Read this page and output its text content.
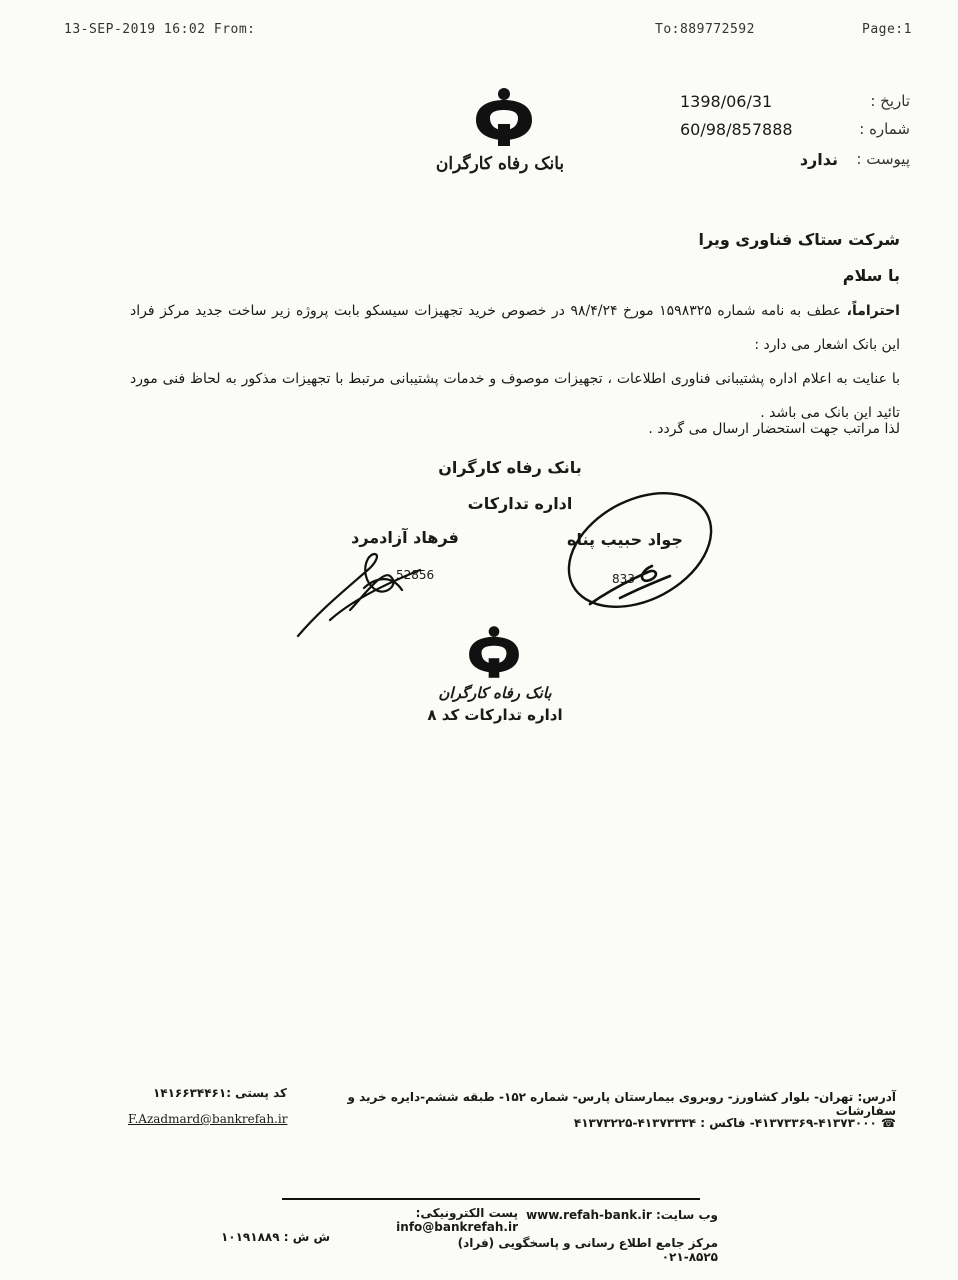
13-SEP-2019 16:02 From:	To:889772592	Page:1
بانک رفاه کارگران
تاریخ :
1398/06/31
شماره :
60/98/857888
پیوست :
ندارد
شرکت ستاک فناوری ویرا
با سلام
احتراماً، عطف به نامه شماره ۱۵۹۸۳۲۵ مورخ ۹۸/۴/۲۴ در خصوص خرید تجهیزات سیسکو بابت پروژه زیر ساخت جدید مرکز فراد این بانک اشعار می دارد :
با عنایت به اعلام اداره پشتیبانی فناوری اطلاعات ، تجهیزات موصوف و خدمات پشتیبانی مرتبط با تجهیزات مذکور به لحاظ فنی مورد تائید این بانک می باشد .
لذا مراتب جهت استحضار ارسال می گردد .
بانک رفاه کارگران
اداره تدارکات
جواد حبیب پناه
فرهاد آزادمرد
52856	833
بانک رفاه کارگران
اداره تدارکات کد ۸
کد پستی :۱۴۱۶۶۳۴۴۶۱
F.Azadmard@bankrefah.ir
آدرس: تهران- بلوار کشاورز- روبروی بیمارستان پارس- شماره ۱۵۲- طبقه ششم-دایره خرید و سفارشات
☎ ۴۱۳۷۳۳۶۹-۴۱۳۷۳۰۰۰- فاکس : ۴۱۳۷۳۳۳۴-۴۱۳۷۳۲۲۵
وب سایت: www.refah-bank.ir
پست الکترونیکی: info@bankrefah.ir
مرکز جامع اطلاع رسانی و پاسخگویی (فراد) ۸۵۲۵-۰۲۱
ش ش : ۱۰۱۹۱۸۸۹
